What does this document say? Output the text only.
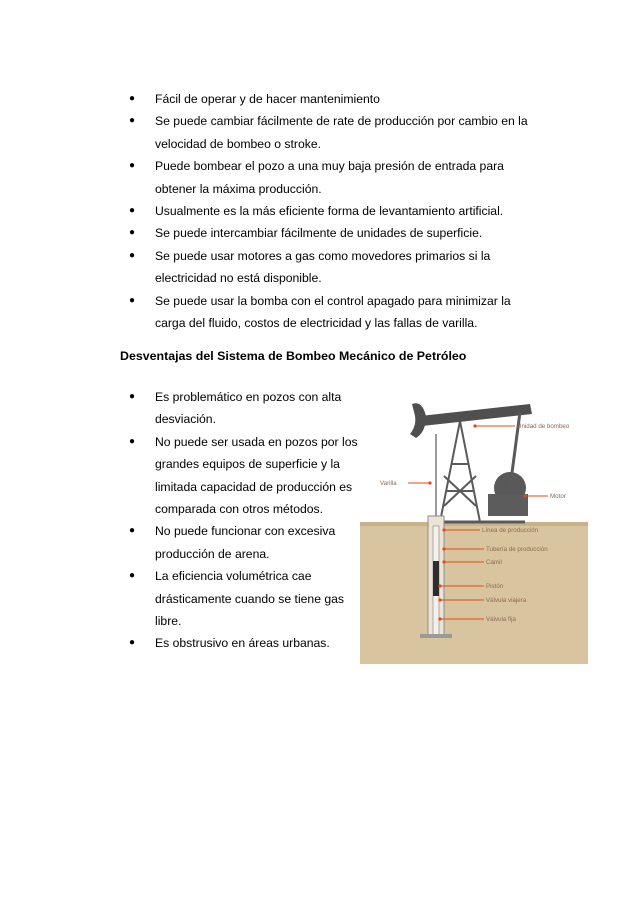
● Fácil de operar y de hacer mantenimiento
● Se puede cambiar fácilmente de rate de producción por cambio en la velocidad de bombeo o stroke.
● Puede bombear el pozo a una muy baja presión de entrada para obtener la máxima producción.
● Usualmente es la más eficiente forma de levantamiento artificial.
● Se puede intercambiar fácilmente de unidades de superficie.
● Se puede usar motores a gas como movedores primarios si la electricidad no está disponible.
● Se puede usar la bomba con el control apagado para minimizar la carga del fluido, costos de electricidad y las fallas de varilla.
Desventajas del Sistema de Bombeo Mecánico de Petróleo
● Es problemático en pozos con alta desviación.
● No puede ser usada en pozos por los grandes equipos de superficie y la limitada capacidad de producción es comparada con otros métodos.
● No puede funcionar con excesiva producción de arena.
● La eficiencia volumétrica cae drásticamente cuando se tiene gas libre.
● Es obstrusivo en áreas urbanas.
Unidad de bombeo
Varilla
Motor
Línea de producción
Tubería de producción
Camil
Pistón
Válvula viajera
Válvula fija
